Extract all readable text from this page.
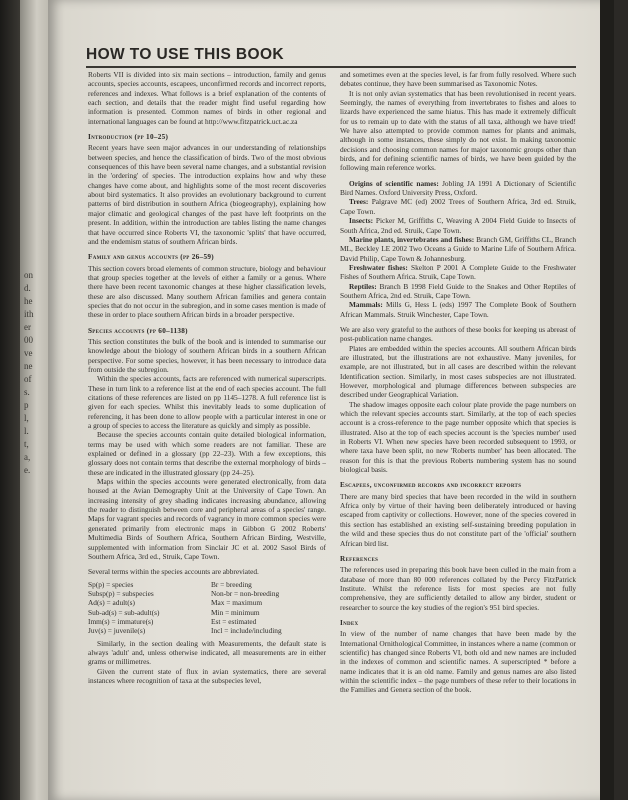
on
d.
he
ith
er
00
ve
ne
of
s.
p
l,
l.
t,
a,
e.
HOW TO USE THIS BOOK

Roberts VII is divided into six main sections – introduction, family and genus accounts, species accounts, escapees, unconfirmed records and incorrect reports, references and indexes. What follows is a brief explanation of the contents of each section, and details that the reader might find useful regarding how information is presented. Common names of birds in other regional and international languages can be found at http://www.fitzpatrick.uct.ac.za

Introduction (pp 10–25)

Recent years have seen major advances in our understanding of relationships between species, and hence the classification of birds. Two of the most obvious consequences of this have been several name changes, and a substantial revision in the 'ordering' of species. The introduction explains how and why these changes have come about, and highlights some of the most recent discoveries about bird systematics. It also provides an evolutionary background to current patterns of bird distribution in southern Africa (biogeography), explaining how major climatic and geological changes of the past have left footprints on the present. In addition, within the introduction are tables listing the name changes that have occurred since Roberts VI, the taxonomic 'splits' that have occurred, and the endemism status of southern African birds.

Family and genus accounts (pp 26–59)

This section covers broad elements of common structure, biology and behaviour that group species together at the levels of either a family or a genus. Where there have been recent taxonomic changes at these higher classification levels, these are also discussed. Many southern African families and genera contain species that do not occur in the subregion, and in some cases mention is made of these in order to place southern African birds in a broader perspective.

Species accounts (pp 60–1138)

This section constitutes the bulk of the book and is intended to summarise our knowledge about the biology of southern African birds in a southern African perspective. For some species, however, it has been necessary to introduce data from outside the subregion.

Within the species accounts, facts are referenced with numerical superscripts. These in turn link to a reference list at the end of each species account. The full citations of these references are listed on pp 1145–1278. A full reference list is given for each species. Whilst this inevitably leads to some duplication of referencing, it has been done to allow people with a particular interest in one or a group of species to access the literature as quickly and simply as possible.

Because the species accounts contain quite detailed biological information, terms may be used with which some readers are not familiar. These are explained or defined in a glossary (pp 22–23). With a few exceptions, this glossary does not contain terms that describe the external morphology of birds – these are indicated in the illustrated glossary (pp 24–25).

Maps within the species accounts were generated electronically, from data housed at the Avian Demography Unit at the University of Cape Town. An increasing intensity of grey shading indicates increasing abundance, allowing the reader to distinguish between core and peripheral areas of a species' range. Maps for vagrant species and records of vagrancy in more common species were generated primarily from electronic maps in Gibbon G 2002 Roberts' Multimedia Birds of Southern Africa, Southern African Birding, Westville, supplemented with information from Sinclair JC et al. 2002 Sasol Birds of Southern Africa, 3rd ed., Struik, Cape Town.

Several terms within the species accounts are abbreviated.

Sp(p) = species
Subsp(p) = subspecies
Ad(s) = adult(s)
Sub-ad(s) = sub-adult(s)
Imm(s) = immature(s)
Juv(s) = juvenile(s)
Br = breeding
Non-br = non-breeding
Max = maximum
Min = minimum
Est = estimated
Incl = include/including

Similarly, in the section dealing with Measurements, the default state is always 'adult' and, unless otherwise indicated, all measurements are in either grams or millimetres.

Given the current state of flux in avian systematics, there are several instances where recognition of taxa at the subspecies level,

and sometimes even at the species level, is far from fully resolved. Where such debates continue, they have been summarised as Taxonomic Notes.

It is not only avian systematics that has been revolutionised in recent years. Seemingly, the names of everything from invertebrates to fishes and aloes to lizards have experienced the same hiatus. This has made it extremely difficult for us to remain up to date with the status of all taxa, although we have tried! We have also attempted to provide common names for plants and animals, although in some instances, these simply do not exist. In making taxonomic decisions and choosing common names for major taxonomic groups other than birds, and for defining scientific names of birds, we have been guided by the following main reference works.

Origins of scientific names: Jobling JA 1991 A Dictionary of Scientific Bird Names. Oxford University Press, Oxford.

Trees: Palgrave MC (ed) 2002 Trees of Southern Africa, 3rd ed. Struik, Cape Town.

Insects: Picker M, Griffiths C, Weaving A 2004 Field Guide to Insects of South Africa, 2nd ed. Struik, Cape Town.

Marine plants, invertebrates and fishes: Branch GM, Griffiths CL, Branch ML, Beckley LE 2002 Two Oceans a Guide to Marine Life of Southern Africa. David Philip, Cape Town & Johannesburg.

Freshwater fishes: Skelton P 2001 A Complete Guide to the Freshwater Fishes of Southern Africa. Struik, Cape Town.

Reptiles: Branch B 1998 Field Guide to the Snakes and Other Reptiles of Southern Africa, 2nd ed. Struik, Cape Town.

Mammals: Mills G, Hess L (eds) 1997 The Complete Book of Southern African Mammals. Struik Winchester, Cape Town.

We are also very grateful to the authors of these books for keeping us abreast of post-publication name changes.

Plates are embedded within the species accounts. All southern African birds are illustrated, but the illustrations are not exhaustive. Many juveniles, for example, are not illustrated, but in all cases are described within the relevant Identification section. Similarly, in most cases subspecies are not illustrated. However, morphological and plumage differences between subspecies are described under Geographical Variation.

The shadow images opposite each colour plate provide the page numbers on which the relevant species accounts start. Similarly, at the top of each species account is a cross-reference to the page number opposite which that species is illustrated. Also at the top of each species account is the 'species number' used in Roberts VI. When new species have been recorded subsequent to 1993, or where taxa have been split, no new 'Roberts number' has been allocated. The reason for this is that the previous Roberts numbering system has no sound biological basis.

Escapees, unconfirmed records and incorrect reports

There are many bird species that have been recorded in the wild in southern Africa only by virtue of their having been deliberately introduced or having escaped from captivity or collections. However, none of the species covered in this section has established an existing self-sustaining breeding population in the wild and these species thus do not constitute part of the 'official' southern African bird list.

References

The references used in preparing this book have been culled in the main from a database of more than 80 000 references collated by the Percy FitzPatrick Institute. Whilst the reference lists for most species are not fully comprehensive, they are sufficiently detailed to allow any birder, student or researcher to source the key studies of the region's 951 bird species.

Index

In view of the number of name changes that have been made by the International Ornithological Committee, in instances where a name (common or scientific) has changed since Roberts VI, both old and new names are included in the indexes of common and scientific names. A superscripted * before a name indicates that it is an old name. Family and genus names are also listed within the scientific index – the page numbers of these refer to their locations in the Families and Genera section of the book.
